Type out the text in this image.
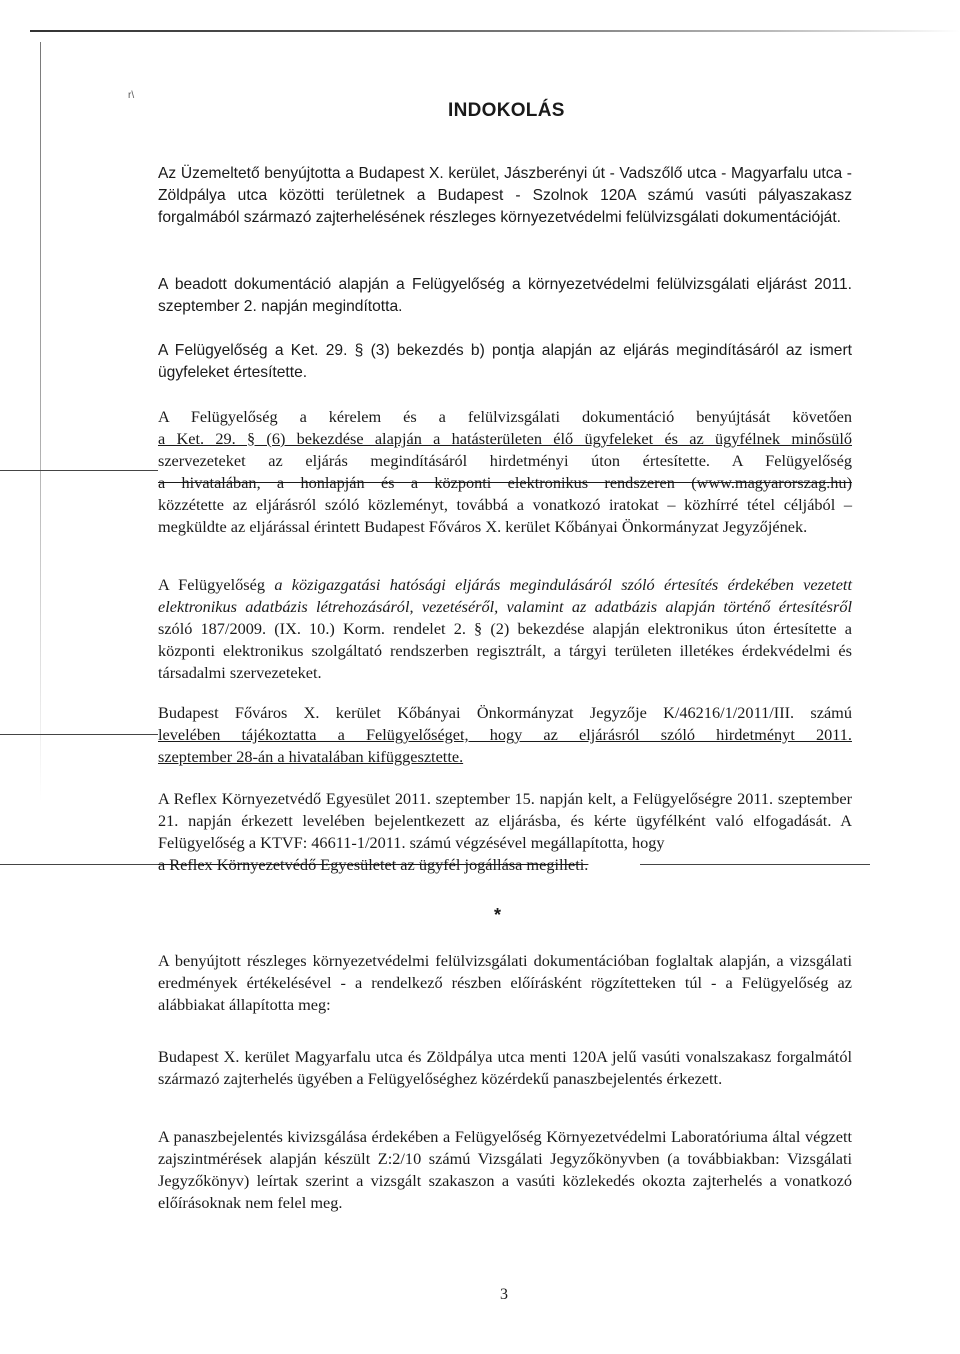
r\
INDOKOLÁS
Az Üzemeltető benyújtotta a Budapest X. kerület, Jászberényi út - Vadszőlő utca - Magyarfalu utca - Zöldpálya utca közötti területnek a Budapest - Szolnok 120A számú vasúti pályaszakasz forgalmából származó zajterhelésének részleges környezetvédelmi felülvizsgálati dokumentációját.
A beadott dokumentáció alapján a Felügyelőség a környezetvédelmi felülvizsgálati eljárást 2011. szeptember 2. napján megindította.
A Felügyelőség a Ket. 29. § (3) bekezdés b) pontja alapján az eljárás megindításáról az ismert ügyfeleket értesítette.
A Felügyelőség a kérelem és a felülvizsgálati dokumentáció benyújtását követően
a Ket. 29. § (6) bekezdése alapján a hatásterületen élő ügyfeleket és az ügyfélnek minősülő
szervezeteket az eljárás megindításáról hirdetményi úton értesítette. A Felügyelőség
a hivatalában, a honlapján és a központi elektronikus rendszeren (www.magyarorszag.hu)
közzétette az eljárásról szóló közleményt, továbbá a vonatkozó iratokat – közhírré tétel céljából – megküldte az eljárással érintett Budapest Főváros X. kerület Kőbányai Önkormányzat Jegyzőjének.
A Felügyelőség a közigazgatási hatósági eljárás megindulásáról szóló értesítés érdekében vezetett elektronikus adatbázis létrehozásáról, vezetéséről, valamint az adatbázis alapján történő értesítésről szóló 187/2009. (IX. 10.) Korm. rendelet 2. § (2) bekezdése alapján elektronikus úton értesítette a központi elektronikus szolgáltató rendszerben regisztrált, a tárgyi területen illetékes érdekvédelmi és társadalmi szervezeteket.
Budapest Főváros X. kerület Kőbányai Önkormányzat Jegyzője K/46216/1/2011/III. számú
levelében tájékoztatta a Felügyelőséget, hogy az eljárásról szóló hirdetményt 2011.
szeptember 28-án a hivatalában kifüggesztette.
A Reflex Környezetvédő Egyesület 2011. szeptember 15. napján kelt, a Felügyelőségre 2011. szeptember 21. napján érkezett levelében bejelentkezett az eljárásba, és kérte ügyfélként való elfogadását. A Felügyelőség a KTVF: 46611-1/2011. számú végzésével megállapította, hogy
a Reflex Környezetvédő Egyesületet az ügyfél jogállása megilleti.
*
A benyújtott részleges környezetvédelmi felülvizsgálati dokumentációban foglaltak alapján, a vizsgálati eredmények értékelésével - a rendelkező részben előírásként rögzítetteken túl - a Felügyelőség az alábbiakat állapította meg:
Budapest X. kerület Magyarfalu utca és Zöldpálya utca menti 120A jelű vasúti vonalszakasz forgalmától származó zajterhelés ügyében a Felügyelőséghez közérdekű panaszbejelentés érkezett.
A panaszbejelentés kivizsgálása érdekében a Felügyelőség Környezetvédelmi Laboratóriuma által végzett zajszintmérések alapján készült Z:2/10 számú Vizsgálati Jegyzőkönyvben (a továbbiakban: Vizsgálati Jegyzőkönyv) leírtak szerint a vizsgált szakaszon a vasúti közlekedés okozta zajterhelés a vonatkozó előírásoknak nem felel meg.
3
